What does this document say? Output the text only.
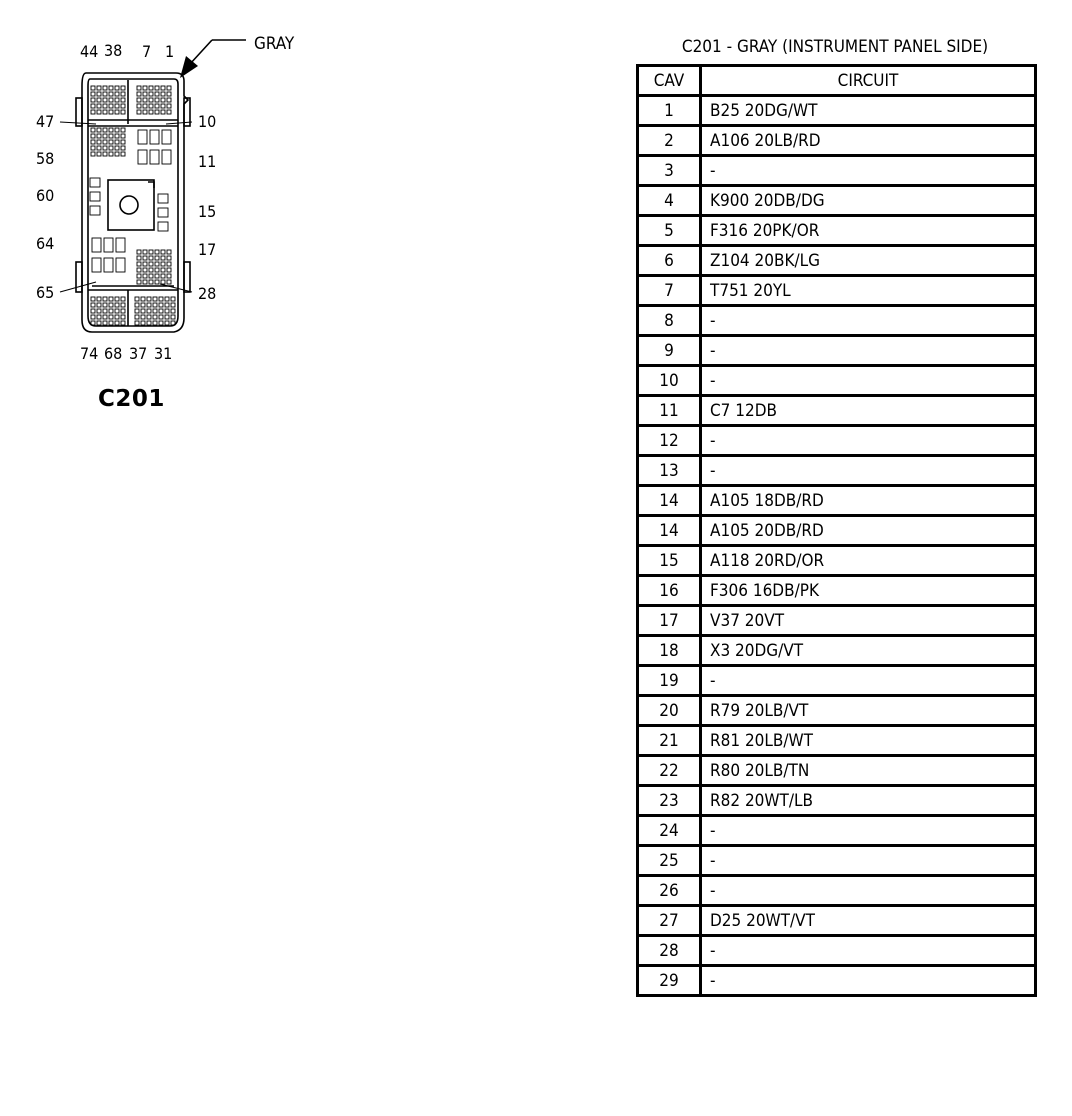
44 38 7 1
47
58
60
64
65
10
11
15
17
28
74 68 37 31
GRAY
C201
C201 - GRAY (INSTRUMENT PANEL SIDE)
CAV	CIRCUIT
1	B25 20DG/WT
2	A106 20LB/RD
3	-
4	K900 20DB/DG
5	F316 20PK/OR
6	Z104 20BK/LG
7	T751 20YL
8	-
9	-
10	-
11	C7 12DB
12	-
13	-
14	A105 18DB/RD
14	A105 20DB/RD
15	A118 20RD/OR
16	F306 16DB/PK
17	V37 20VT
18	X3 20DG/VT
19	-
20	R79 20LB/VT
21	R81 20LB/WT
22	R80 20LB/TN
23	R82 20WT/LB
24	-
25	-
26	-
27	D25 20WT/VT
28	-
29	-
